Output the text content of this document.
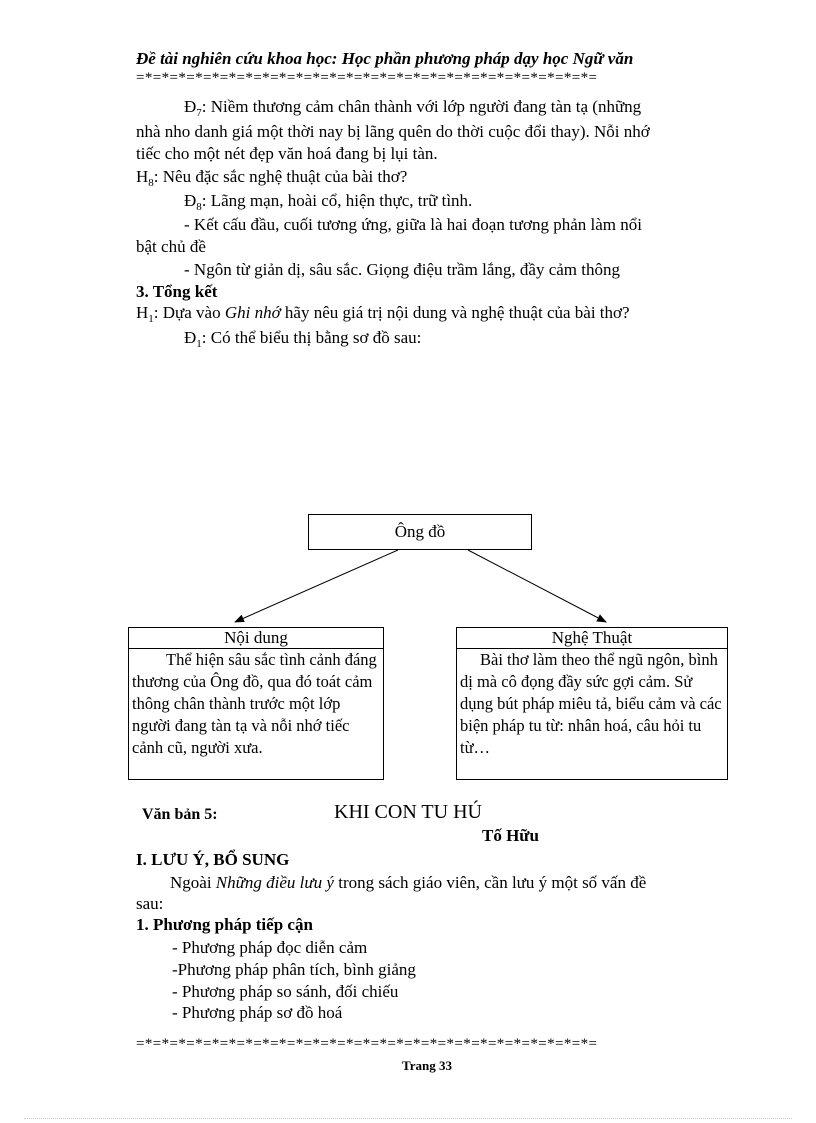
Đề tài nghiên cứu khoa học: Học phần phương pháp dạy học Ngữ văn
=*=*=*=*=*=*=*=*=*=*=*=*=*=*=*=*=*=*=*=*=*=*=*=*=*=*=*=
$Đ_7$: Niềm thương cảm chân thành với lớp người đang tàn tạ (những
nhà nho danh giá một thời nay bị lãng quên do thời cuộc đổi thay). Nỗi nhớ
tiếc cho một nét đẹp văn hoá đang bị lụi tàn.
$H_8$: Nêu đặc sắc nghệ thuật của bài thơ?
$Đ_8$: Lãng mạn, hoài cổ, hiện thực, trữ tình.
- Kết cấu đầu, cuối tương ứng, giữa là hai đoạn tương phản làm nổi
bật chủ đề
- Ngôn từ giản dị, sâu sắc. Giọng điệu trầm lắng, đầy cảm thông
3. Tổng kết
$H_1$: Dựa vào Ghi nhớ hãy nêu giá trị nội dung và nghệ thuật của bài thơ?
$Đ_1$: Có thể biểu thị bằng sơ đồ sau:
Ông đồ
Nội dung
Thể hiện sâu sắc tình cảnh đáng thương của Ông đồ, qua đó toát cảm thông chân thành trước một lớp người đang tàn tạ và nỗi nhớ tiếc cảnh cũ, người xưa.
Nghệ Thuật
Bài thơ làm theo thể ngũ ngôn, bình dị mà cô đọng đầy sức gợi cảm. Sử dụng bút pháp miêu tả, biểu cảm và các biện pháp tu từ: nhân hoá, câu hỏi tu từ…
Văn bản 5:	KHI CON TU HÚ
Tố Hữu
I. LƯU Ý, BỔ SUNG
Ngoài Những điều lưu ý trong sách giáo viên, cần lưu ý một số vấn đề
sau:
1. Phương pháp tiếp cận
- Phương pháp đọc diễn cảm
-Phương pháp phân tích, bình giảng
- Phương pháp so sánh, đối chiếu
- Phương pháp sơ đồ hoá
=*=*=*=*=*=*=*=*=*=*=*=*=*=*=*=*=*=*=*=*=*=*=*=*=*=*=*=
Trang 33
